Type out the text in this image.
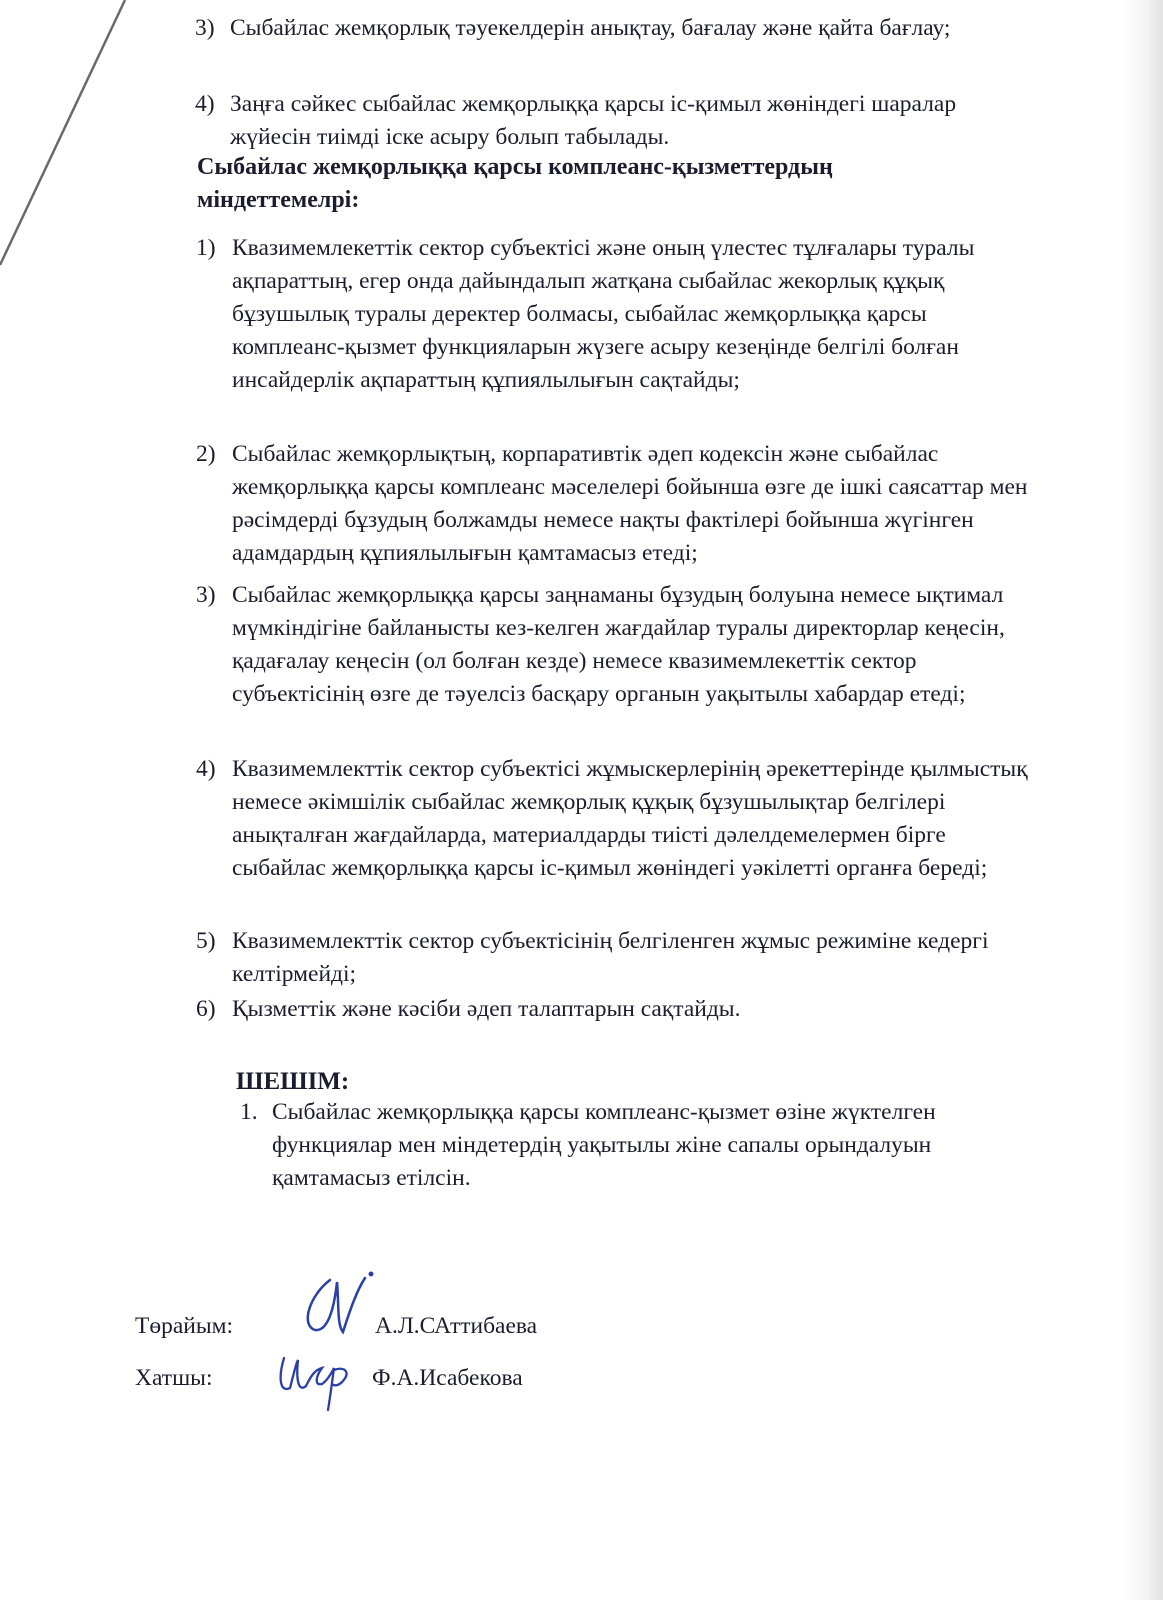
3) Сыбайлас жемқорлық тәуекелдерін анықтау, бағалау және қайта бағлау;
4) Заңға сәйкес сыбайлас жемқорлыққа қарсы іс-қимыл жөніндегі шаралар жүйесін тиімді іске асыру болып табылады.
Сыбайлас жемқорлыққа қарсы комплеанс-қызметтердың міндеттемелрі:
1) Квазимемлекеттік сектор субъектісі және оның үлестес тұлғалары туралы ақпараттың, егер онда дайындалып жатқана сыбайлас жекорлық құқық бұзушылық туралы деректер болмасы, сыбайлас жемқорлыққа қарсы комплеанс-қызмет функцияларын жүзеге асыру кезеңінде белгілі болған инсайдерлік ақпараттың құпиялылығын сақтайды;
2) Сыбайлас жемқорлықтың, корпаративтік әдеп кодексін және сыбайлас жемқорлыққа қарсы комплеанс мәселелері бойынша өзге де ішкі саясаттар мен рәсімдерді бұзудың болжамды немесе нақты фактілері бойынша жүгінген адамдардың құпиялылығын қамтамасыз етеді;
3) Сыбайлас жемқорлыққа қарсы заңнаманы бұзудың болуына немесе ықтимал мүмкіндігіне байланысты кез-келген жағдайлар туралы директорлар кеңесін, қадағалау кеңесін (ол болған кезде) немесе квазимемлекеттік сектор субъектісінің өзге де тәуелсіз басқару органын уақытылы хабардар етеді;
4) Квазимемлекттік сектор субъектісі жұмыскерлерінің әрекеттерінде қылмыстық немесе әкімшілік сыбайлас жемқорлық құқық бұзушылықтар белгілері анықталған жағдайларда, материалдарды тиісті дәлелдемелермен бірге сыбайлас жемқорлыққа қарсы іс-қимыл жөніндегі уәкілетті органға береді;
5) Квазимемлекттік сектор субъектісінің белгіленген жұмыс режиміне кедергі келтірмейді;
6) Қызметтік және кәсіби әдеп талаптарын сақтайды.
ШЕШІМ:
1. Сыбайлас жемқорлыққа қарсы комплеанс-қызмет өзіне жүктелген функциялар мен міндетердің уақытылы жіне сапалы орындалуын қамтамасыз етілсін.
Төрайым:	А.Л.САттибаева
Хатшы:	Ф.А.Исабекова
